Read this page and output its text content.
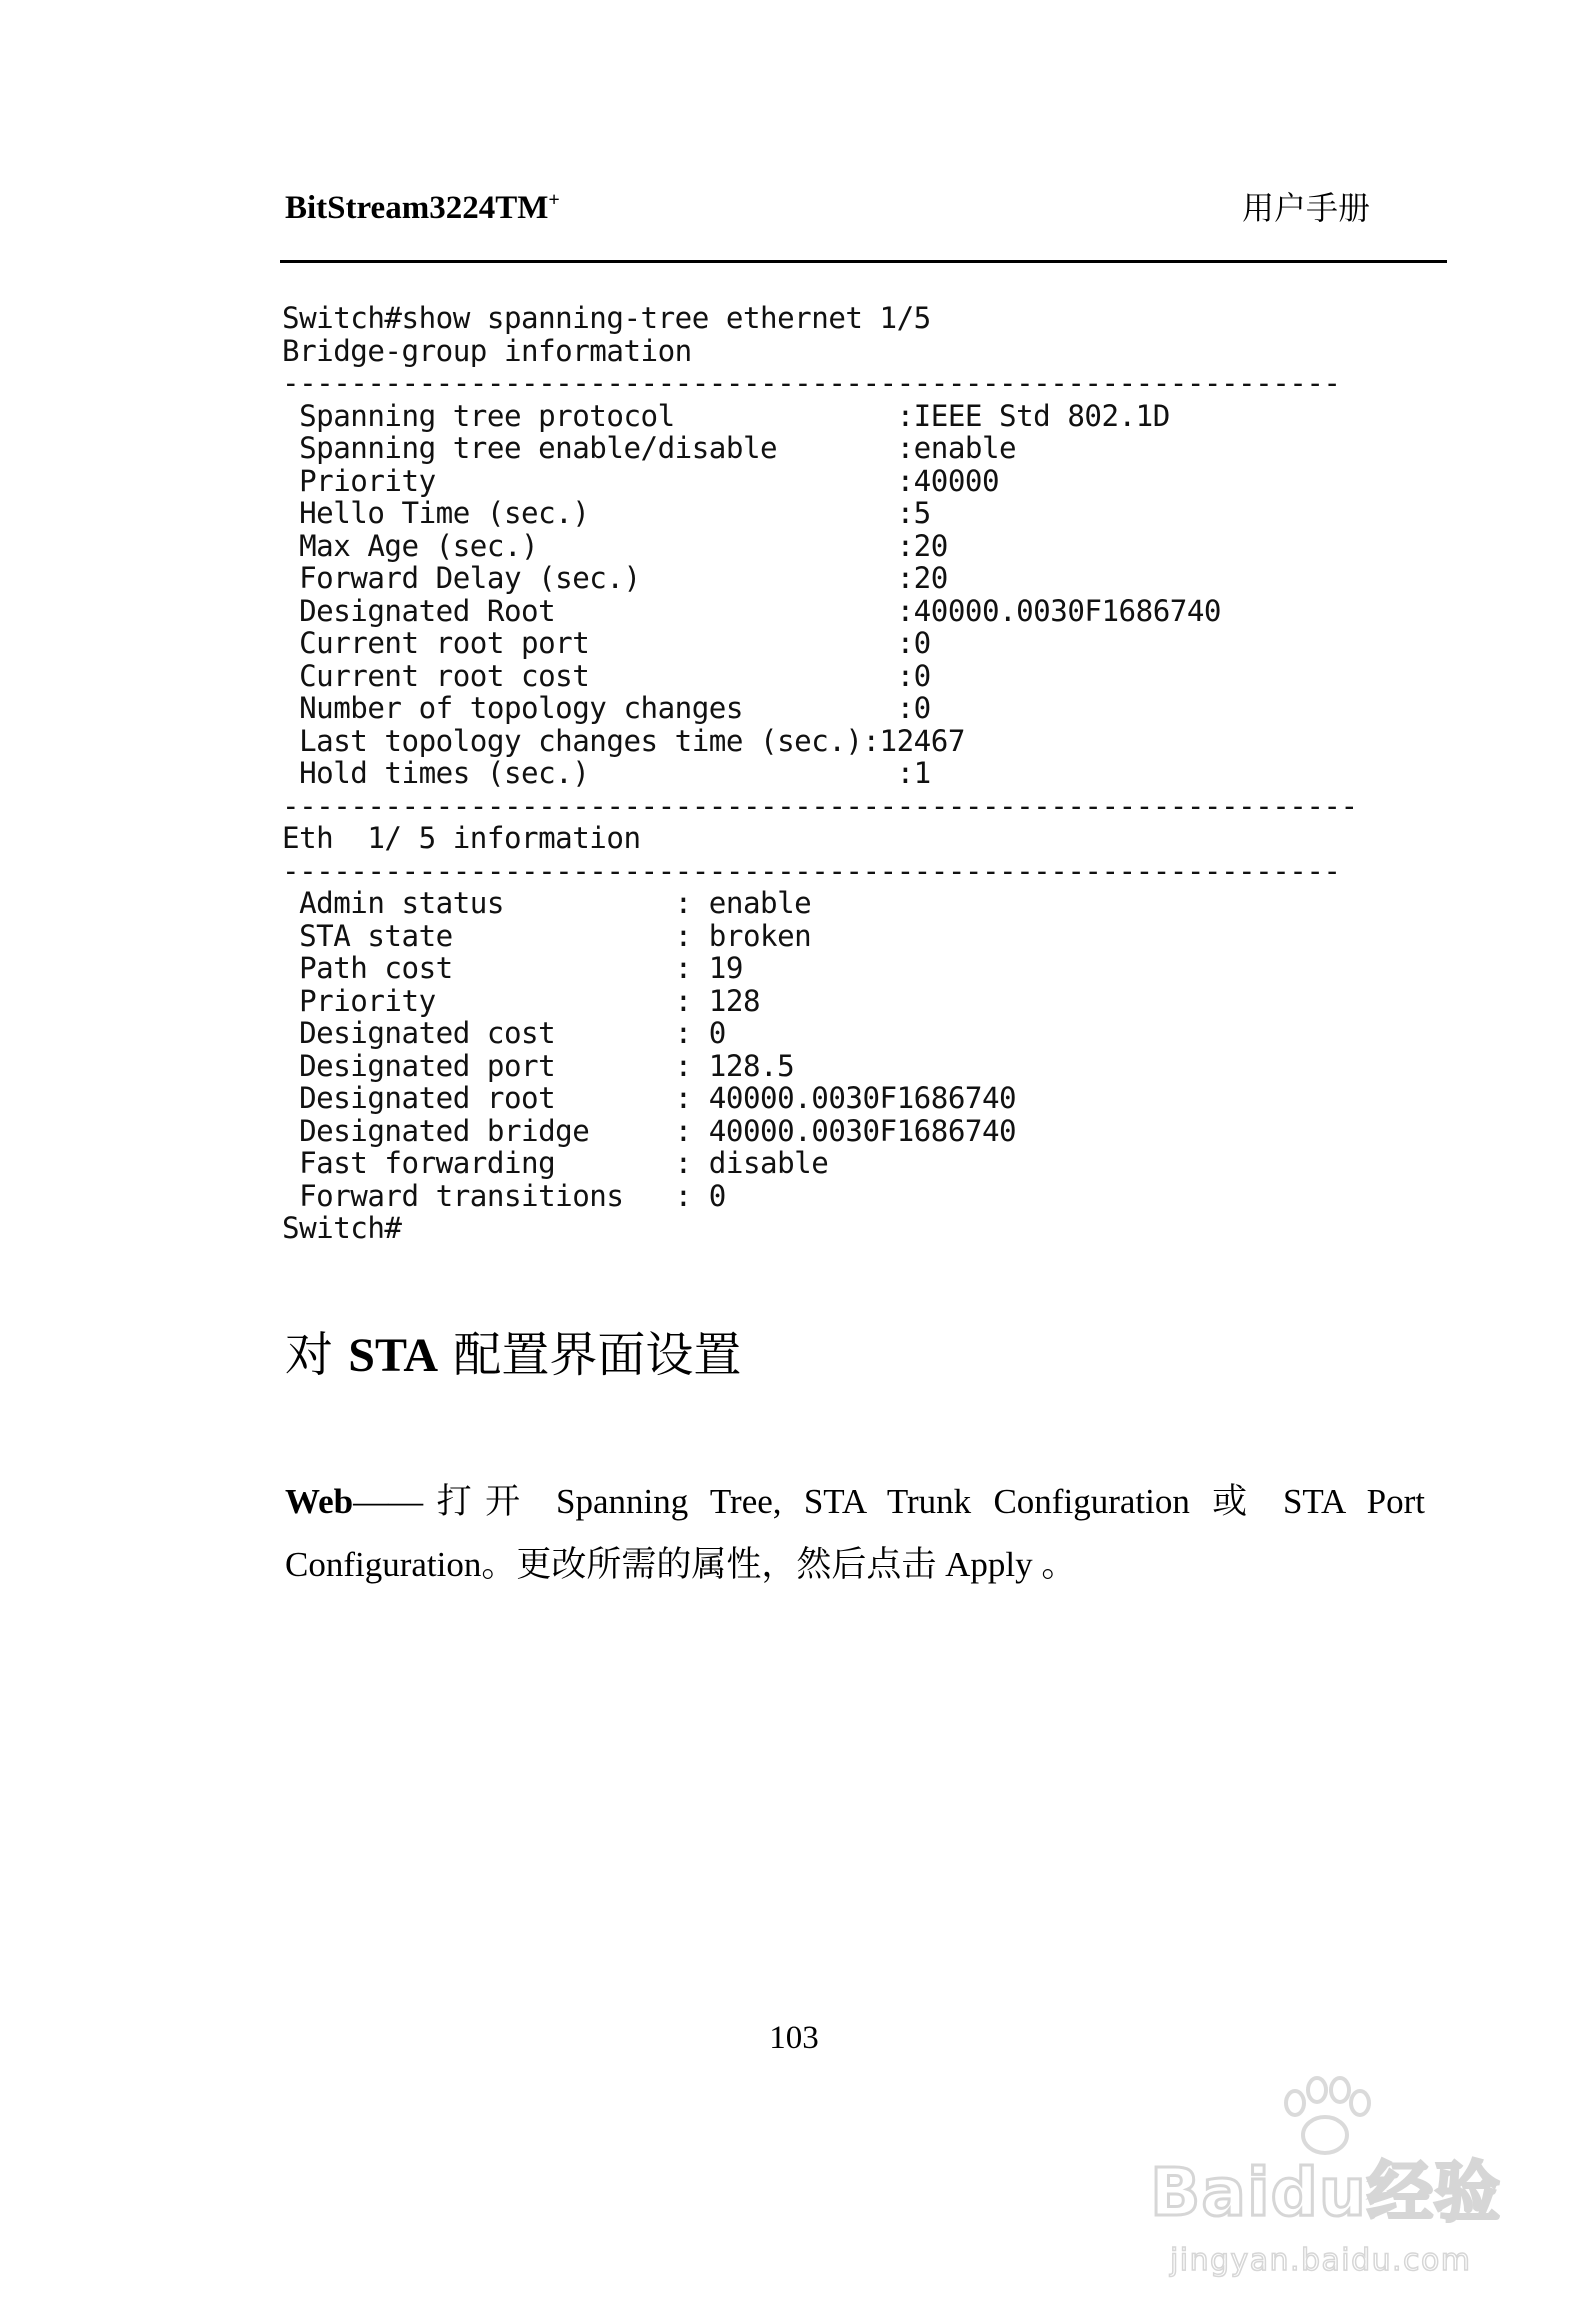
BitStream3224TM+	用户手册
Switch#show spanning-tree ethernet 1/5
Bridge-group information
--------------------------------------------------------------
Spanning tree protocol             :IEEE Std 802.1D
Spanning tree enable/disable       :enable
Priority                           :40000
Hello Time (sec.)                  :5
Max Age (sec.)                     :20
Forward Delay (sec.)               :20
Designated Root                    :40000.0030F1686740
Current root port                  :0
Current root cost                  :0
Number of topology changes         :0
Last topology changes time (sec.):12467
Hold times (sec.)                  :1
---------------------------------------------------------------
Eth  1/ 5 information
--------------------------------------------------------------
Admin status          : enable
STA state             : broken
Path cost             : 19
Priority              : 128
Designated cost       : 0
Designated port       : 128.5
Designated root       : 40000.0030F1686740
Designated bridge     : 40000.0030F1686740
Fast forwarding       : disable
Forward transitions   : 0
Switch#
对 STA 配置界面设置
Web——打开 Spanning Tree, STA Trunk Configuration 或 STA Port
Configuration。更改所需的属性，然后点击 Apply 。
103
Baidu经验
jingyan.baidu.com
